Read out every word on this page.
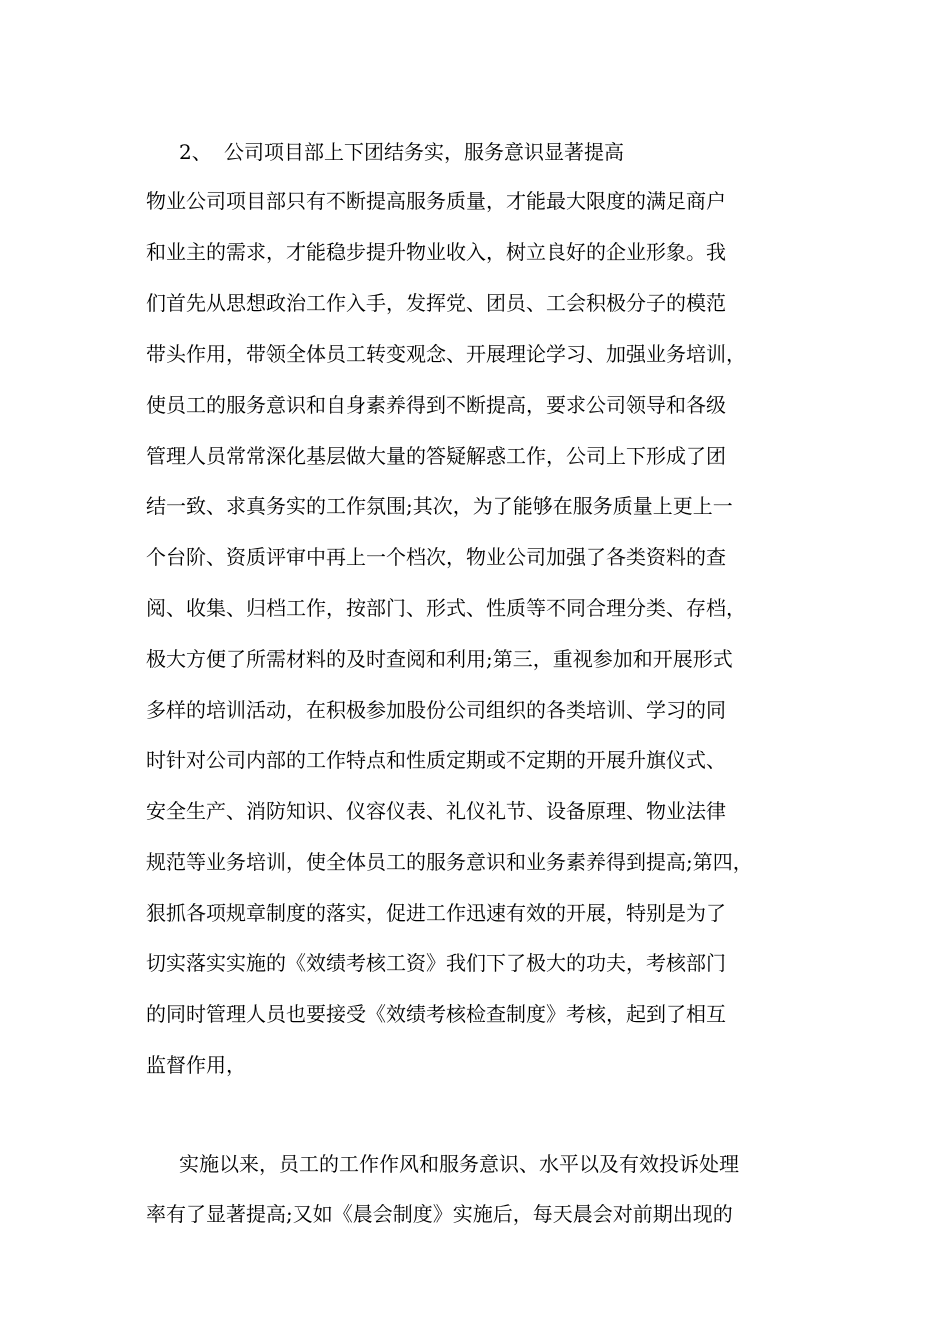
2、 公司项目部上下团结务实，服务意识显著提高
物业公司项目部只有不断提高服务质量，才能最大限度的满足商户
和业主的需求，才能稳步提升物业收入，树立良好的企业形象。我
们首先从思想政治工作入手，发挥党、团员、工会积极分子的模范
带头作用，带领全体员工转变观念、开展理论学习、加强业务培训，
使员工的服务意识和自身素养得到不断提高，要求公司领导和各级
管理人员常常深化基层做大量的答疑解惑工作，公司上下形成了团
结一致、求真务实的工作氛围;其次，为了能够在服务质量上更上一
个台阶、资质评审中再上一个档次，物业公司加强了各类资料的查
阅、收集、归档工作，按部门、形式、性质等不同合理分类、存档，
极大方便了所需材料的及时查阅和利用;第三，重视参加和开展形式
多样的培训活动，在积极参加股份公司组织的各类培训、学习的同
时针对公司内部的工作特点和性质定期或不定期的开展升旗仪式、
安全生产、消防知识、仪容仪表、礼仪礼节、设备原理、物业法律
规范等业务培训，使全体员工的服务意识和业务素养得到提高;第四，
狠抓各项规章制度的落实，促进工作迅速有效的开展，特别是为了
切实落实实施的《效绩考核工资》我们下了极大的功夫，考核部门
的同时管理人员也要接受《效绩考核检查制度》考核，起到了相互
监督作用，
实施以来，员工的工作作风和服务意识、水平以及有效投诉处理
率有了显著提高;又如《晨会制度》实施后，每天晨会对前期出现的
